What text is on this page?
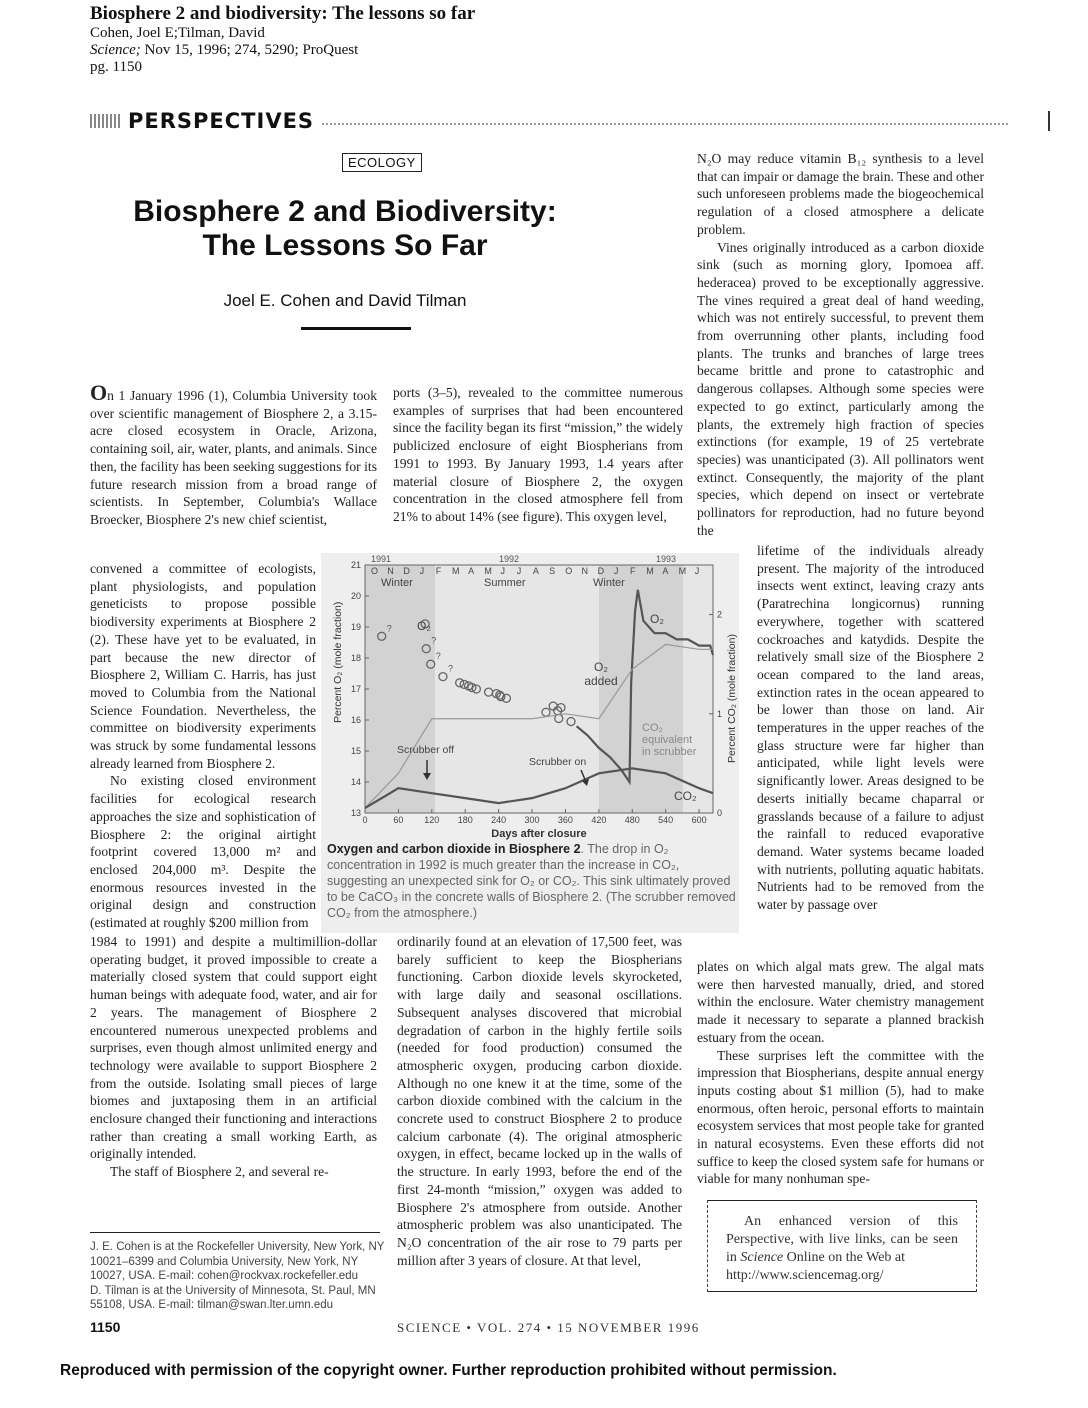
Biosphere 2 and biodiversity: The lessons so far
Cohen, Joel E;Tilman, David
Science; Nov 15, 1996; 274, 5290; ProQuest
pg. 1150
PERSPECTIVES
ECOLOGY
Biosphere 2 and Biodiversity:
The Lessons So Far
Joel E. Cohen and David Tilman

On 1 January 1996 (1), Columbia University took over scientific management of Biosphere 2, a 3.15-acre closed ecosystem in Oracle, Arizona, containing soil, air, water, plants, and animals. Since then, the facility has been seeking suggestions for its future research mission from a broad range of scientists. In September, Columbia's Wallace Broecker, Biosphere 2's new chief scientist,

convened a committee of ecologists, plant physiologists, and population geneticists to propose possible biodiversity experiments at Biosphere 2 (2). These have yet to be evaluated, in part because the new director of Biosphere 2, William C. Harris, has just moved to Columbia from the National Science Foundation. Nevertheless, the committee on biodiversity experiments was struck by some fundamental lessons already learned from Biosphere 2.

No existing closed environment facilities for ecological research approaches the size and sophistication of Biosphere 2: the original airtight footprint covered 13,000 m² and enclosed 204,000 m³. Despite the enormous resources invested in the original design and construction (estimated at roughly $200 million from

1984 to 1991) and despite a multimillion-dollar operating budget, it proved impossible to create a materially closed system that could support eight human beings with adequate food, water, and air for 2 years. The management of Biosphere 2 encountered numerous unexpected problems and surprises, even though almost unlimited energy and technology were available to support Biosphere 2 from the outside. Isolating small pieces of large biomes and juxtaposing them in an artificial enclosure changed their functioning and interactions rather than creating a small working Earth, as originally intended.

The staff of Biosphere 2, and several re-

ports (3–5), revealed to the committee numerous examples of surprises that had been encountered since the facility began its first “mission,” the widely publicized enclosure of eight Biospherians from 1991 to 1993. By January 1993, 1.4 years after material closure of Biosphere 2, the oxygen concentration in the closed atmosphere fell from 21% to about 14% (see figure). This oxygen level,

ordinarily found at an elevation of 17,500 feet, was barely sufficient to keep the Biospherians functioning. Carbon dioxide levels skyrocketed, with large daily and seasonal oscillations. Subsequent analyses discovered that microbial degradation of carbon in the highly fertile soils (needed for food production) consumed the atmospheric oxygen, producing carbon dioxide. Although no one knew it at the time, some of the carbon dioxide combined with the calcium in the concrete used to construct Biosphere 2 to produce calcium carbonate (4). The original atmospheric oxygen, in effect, became locked up in the walls of the structure. In early 1993, before the end of the first 24-month “mission,” oxygen was added to Biosphere 2's atmosphere from outside. Another atmospheric problem was also unanticipated. The N₂O concentration of the air rose to 79 parts per million after 3 years of closure. At that level,

N₂O may reduce vitamin B₁₂ synthesis to a level that can impair or damage the brain. These and other such unforeseen problems made the biogeochemical regulation of a closed atmosphere a delicate problem.

Vines originally introduced as a carbon dioxide sink (such as morning glory, Ipomoea aff. hederacea) proved to be exceptionally aggressive. The vines required a great deal of hand weeding, which was not entirely successful, to prevent them from overrunning other plants, including food plants. The trunks and branches of large trees became brittle and prone to catastrophic and dangerous collapses. Although some species were expected to go extinct, particularly among the plants, the extremely high fraction of species extinctions (for example, 19 of 25 vertebrate species) was unanticipated (3). All pollinators went extinct. Consequently, the majority of the plant species, which depend on insect or vertebrate pollinators for reproduction, had no future beyond the

lifetime of the individuals already present. The majority of the introduced insects went extinct, leaving crazy ants (Paratrechina longicornus) running everywhere, together with scattered cockroaches and katydids. Despite the relatively small size of the Biosphere 2 ocean compared to the land areas, extinction rates in the ocean appeared to be lower than those on land. Air temperatures in the upper reaches of the glass structure were far higher than anticipated, while light levels were significantly lower. Areas designed to be deserts initially became chaparral or grasslands because of a failure to adjust the rainfall to reduced evaporative demand. Water systems became loaded with nutrients, polluting aquatic habitats. Nutrients had to be removed from the water by passage over

plates on which algal mats grew. The algal mats were then harvested manually, dried, and stored within the enclosure. Water chemistry management made it necessary to separate a planned brackish estuary from the ocean.

These surprises left the committee with the impression that Biospherians, despite annual energy inputs costing about $1 million (5), had to make enormous, often heroic, personal efforts to maintain ecosystem services that most people take for granted in natural ecosystems. Even these efforts did not suffice to keep the closed system safe for humans or viable for many nonhuman spe-

1991	1992	1993
O N D J F M A M J J A S O N D J F M A M J
Winter	Summer	Winter
13
14
15
16
17
18
19
20
21
0
1
2
0	60 120 180 240 300 360 420 480 540 600
?
?
?
?
Scrubber off
Scrubber on
O₂
added
O₂
O₂
CO₂
equivalent
in scrubber
CO₂
Percent O₂ (mole fraction)	Percent CO₂ (mole fraction)
Days after closure
Oxygen and carbon dioxide in Biosphere 2. The drop in O₂ concentration in 1992 is much greater than the increase in CO₂, suggesting an unexpected sink for O₂ or CO₂. This sink ultimately proved to be CaCO₃ in the concrete walls of Biosphere 2. (The scrubber removed CO₂ from the atmosphere.)
J. E. Cohen is at the Rockefeller University, New York, NY 10021–6399 and Columbia University, New York, NY 10027, USA. E-mail: cohen@rockvax.rockefeller.edu
D. Tilman is at the University of Minnesota, St. Paul, MN 55108, USA. E-mail: tilman@swan.lter.umn.edu
An enhanced version of this Perspective, with live links, can be seen in Science Online on the Web at
http://www.sciencemag.org/
1150	SCIENCE • VOL. 274 • 15 NOVEMBER 1996
Reproduced with permission of the copyright owner. Further reproduction prohibited without permission.
